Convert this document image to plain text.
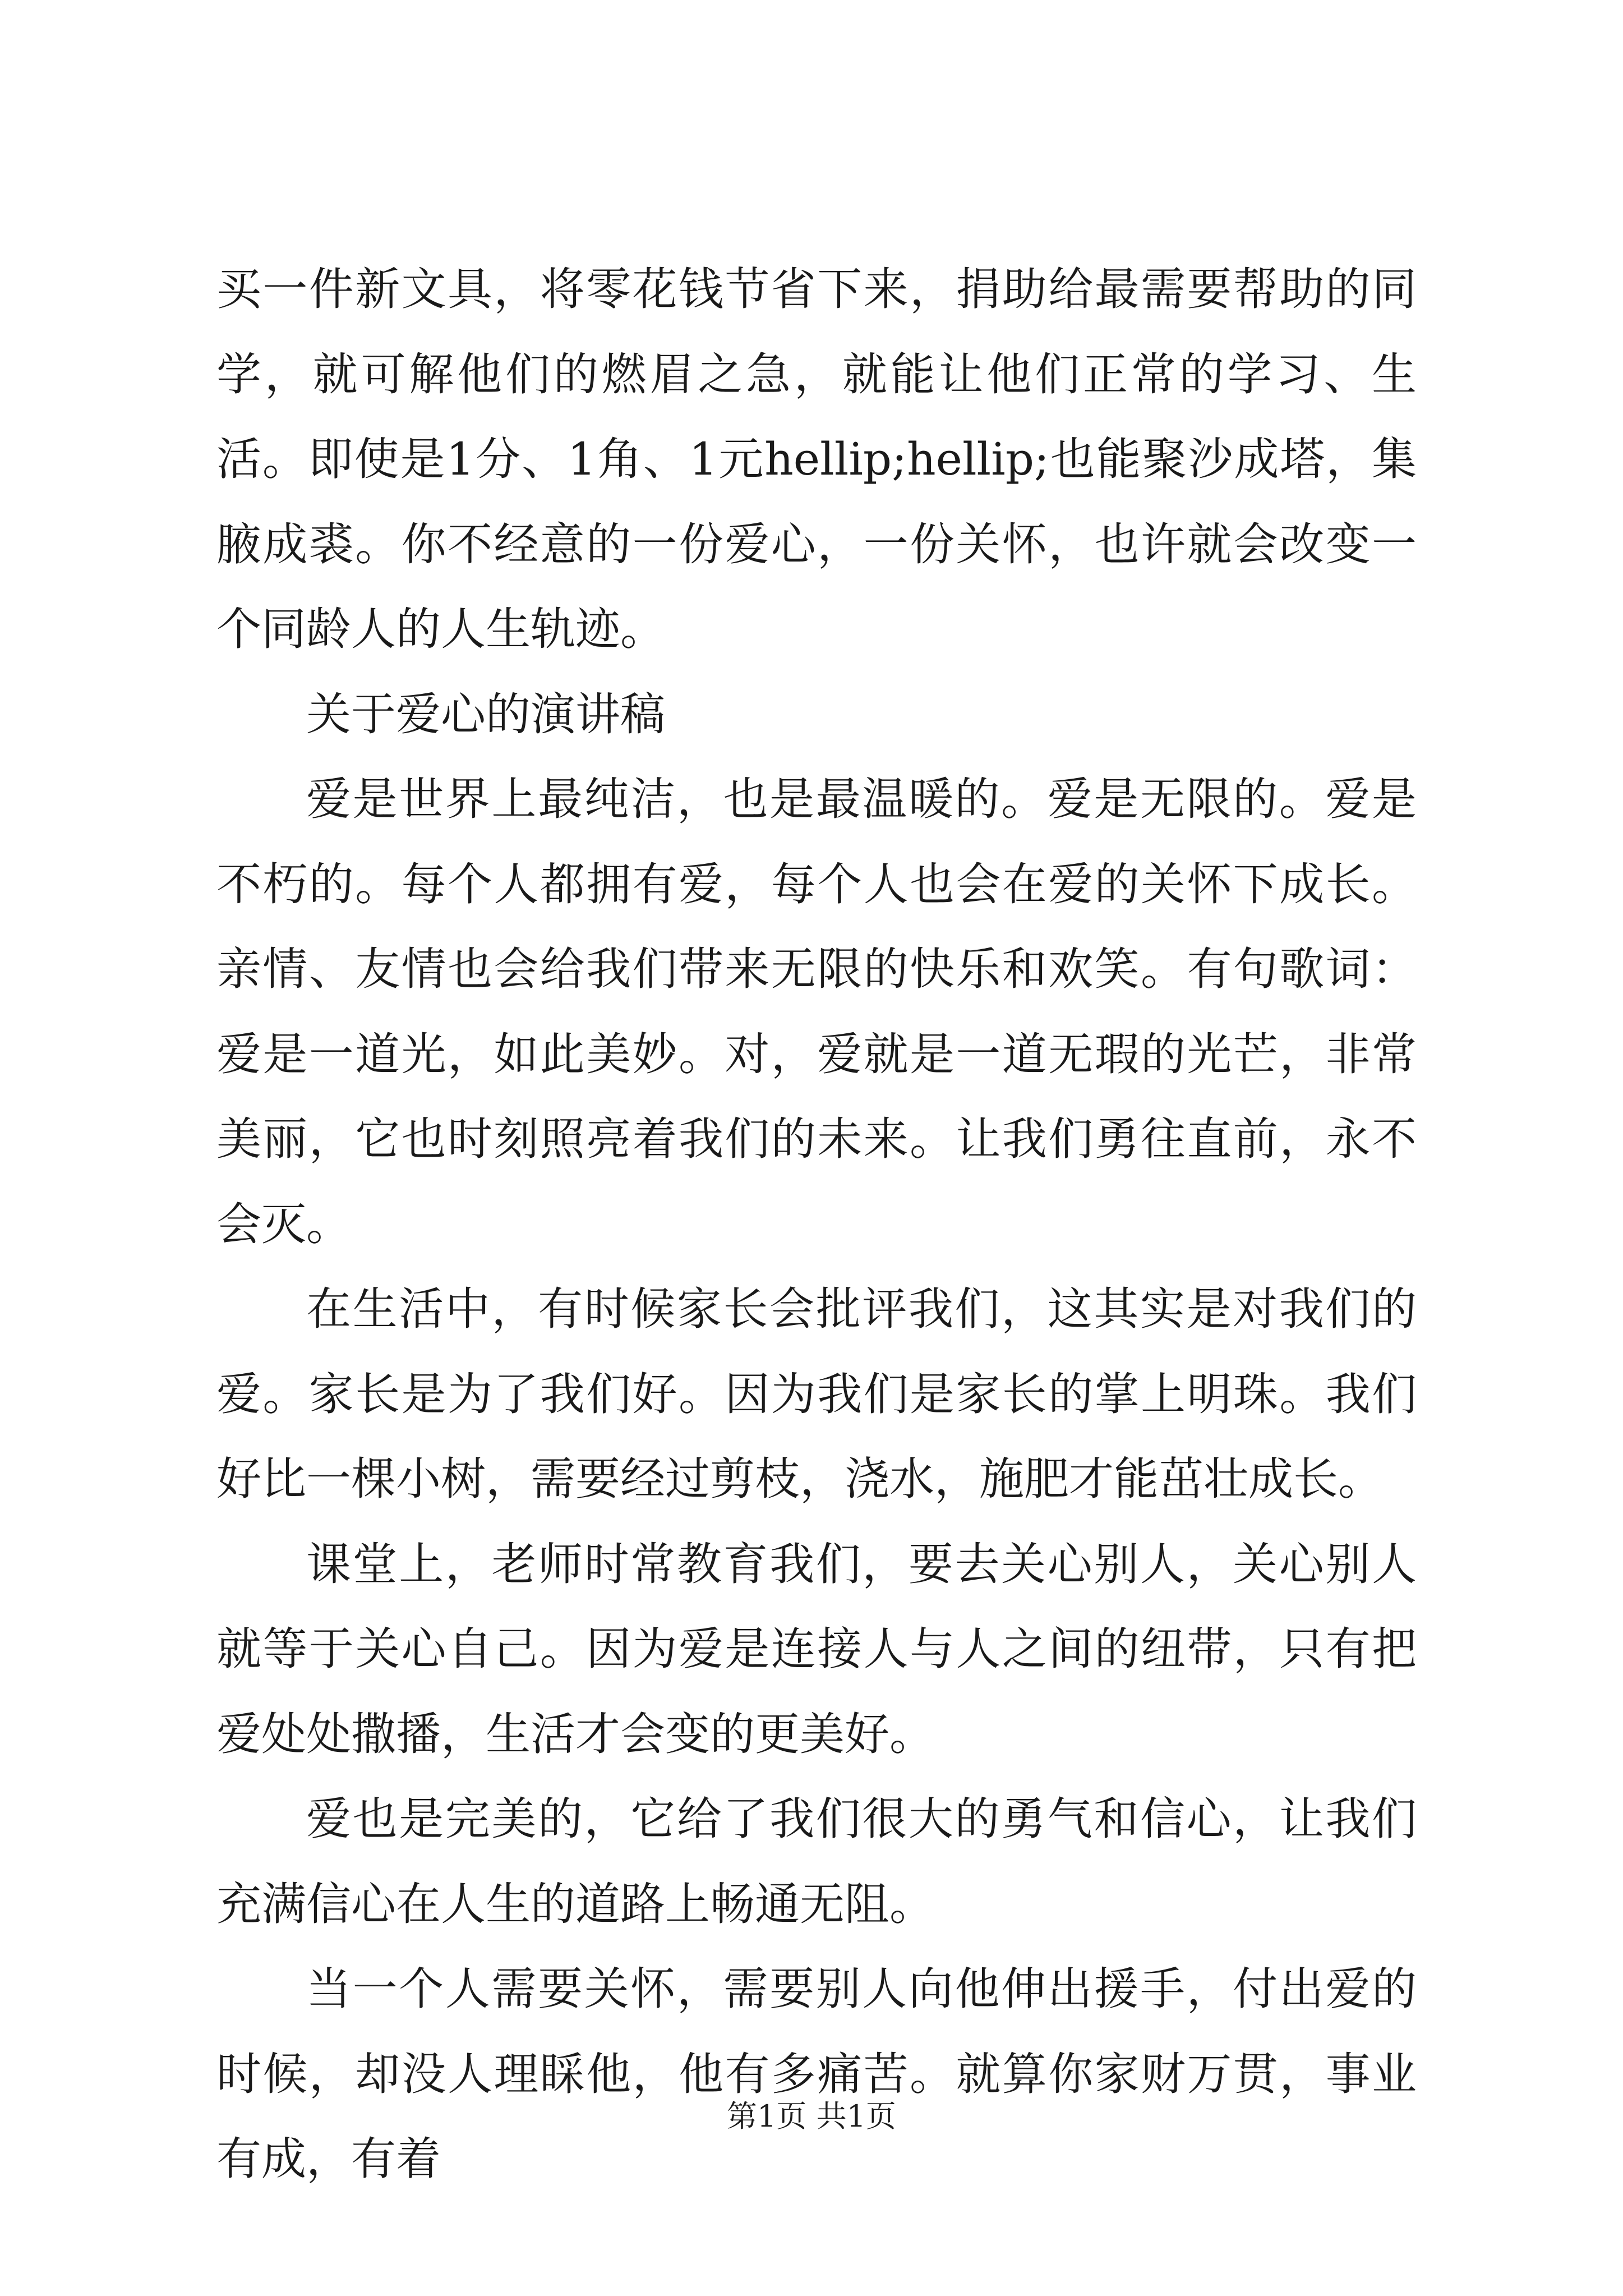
买一件新文具，将零花钱节省下来，捐助给最需要帮助的同学，就可解他们的燃眉之急，就能让他们正常的学习、生活。即使是1分、1角、1元hellip;hellip;也能聚沙成塔，集腋成裘。你不经意的一份爱心，一份关怀，也许就会改变一个同龄人的人生轨迹。

关于爱心的演讲稿

爱是世界上最纯洁，也是最温暖的。爱是无限的。爱是不朽的。每个人都拥有爱，每个人也会在爱的关怀下成长。亲情、友情也会给我们带来无限的快乐和欢笑。有句歌词：爱是一道光，如此美妙。对，爱就是一道无瑕的光芒，非常美丽，它也时刻照亮着我们的未来。让我们勇往直前，永不会灭。

在生活中，有时候家长会批评我们，这其实是对我们的爱。家长是为了我们好。因为我们是家长的掌上明珠。我们好比一棵小树，需要经过剪枝，浇水，施肥才能茁壮成长。

课堂上，老师时常教育我们，要去关心别人，关心别人就等于关心自己。因为爱是连接人与人之间的纽带，只有把爱处处撒播，生活才会变的更美好。

爱也是完美的，它给了我们很大的勇气和信心，让我们充满信心在人生的道路上畅通无阻。

当一个人需要关怀，需要别人向他伸出援手，付出爱的时候，却没人理睬他，他有多痛苦。就算你家财万贯，事业有成，有着

第1页 共1页
